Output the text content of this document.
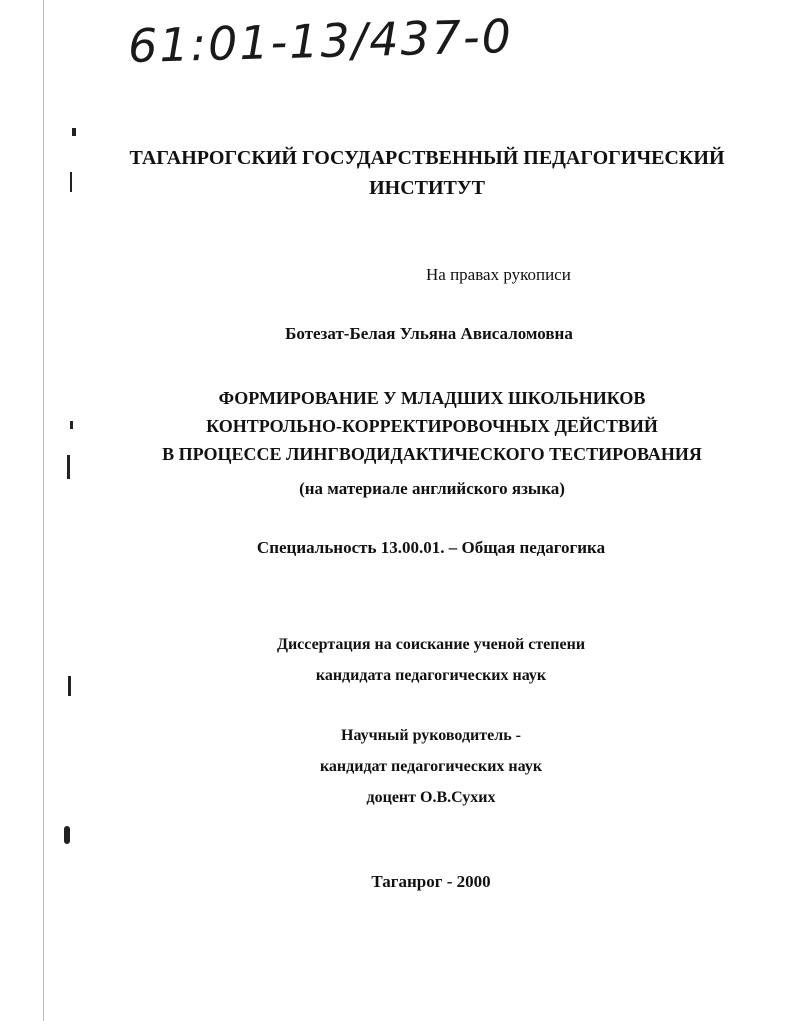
61:01-13/437-0
ТАГАНРОГСКИЙ ГОСУДАРСТВЕННЫЙ ПЕДАГОГИЧЕСКИЙ
ИНСТИТУТ
На правах рукописи
Ботезат-Белая Ульяна Ависаломовна
ФОРМИРОВАНИЕ У МЛАДШИХ ШКОЛЬНИКОВ
КОНТРОЛЬНО-КОРРЕКТИРОВОЧНЫХ ДЕЙСТВИЙ
В ПРОЦЕССЕ ЛИНГВОДИДАКТИЧЕСКОГО ТЕСТИРОВАНИЯ
(на материале английского языка)
Специальность 13.00.01. – Общая педагогика
Диссертация на соискание ученой степени
кандидата педагогических наук
Научный руководитель -
кандидат педагогических наук
доцент О.В.Сухих
Таганрог - 2000
